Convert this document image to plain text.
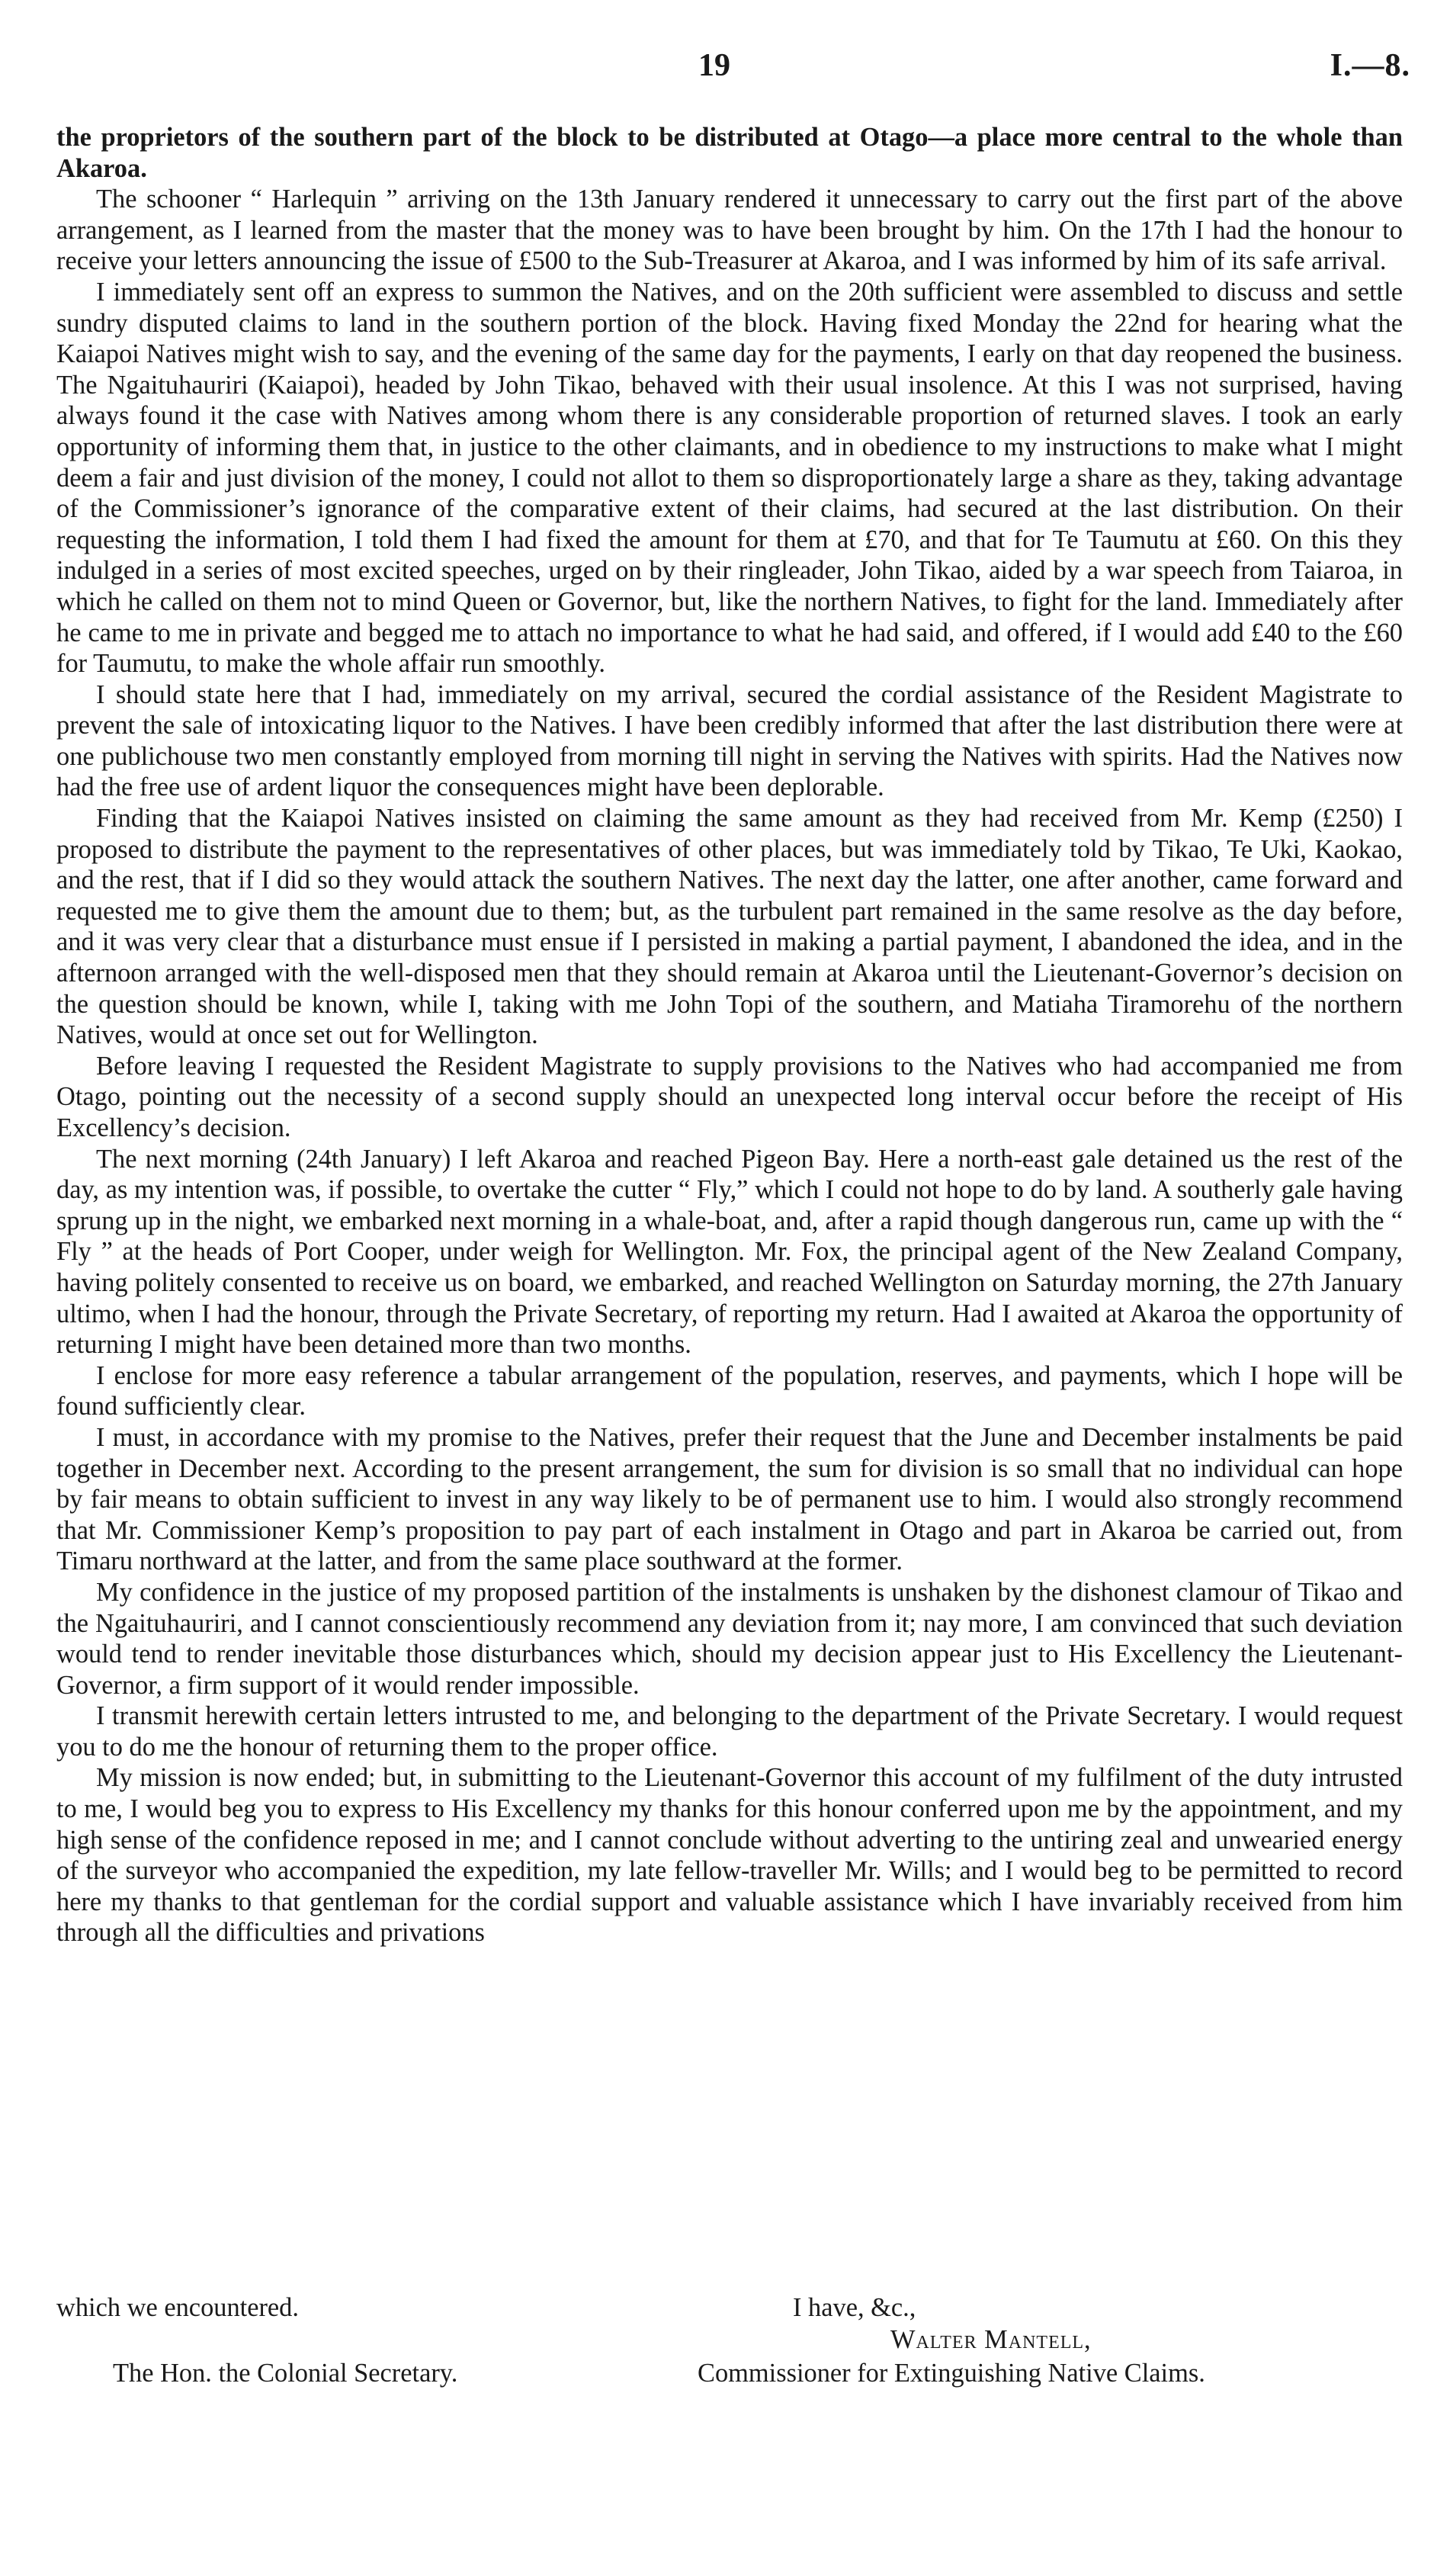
19	I.—8.

the proprietors of the southern part of the block to be distributed at Otago—a place more central to the whole than Akaroa.

The schooner “ Harlequin ” arriving on the 13th January rendered it unnecessary to carry out the first part of the above arrangement, as I learned from the master that the money was to have been brought by him. On the 17th I had the honour to receive your letters announcing the issue of £500 to the Sub-Treasurer at Akaroa, and I was informed by him of its safe arrival.

I immediately sent off an express to summon the Natives, and on the 20th sufficient were assembled to discuss and settle sundry disputed claims to land in the southern portion of the block. Having fixed Monday the 22nd for hearing what the Kaiapoi Natives might wish to say, and the evening of the same day for the payments, I early on that day reopened the business. The Ngaituhauriri (Kaiapoi), headed by John Tikao, behaved with their usual insolence. At this I was not surprised, having always found it the case with Natives among whom there is any considerable proportion of returned slaves. I took an early opportunity of informing them that, in justice to the other claimants, and in obedience to my instructions to make what I might deem a fair and just division of the money, I could not allot to them so disproportionately large a share as they, taking advantage of the Commissioner’s ignorance of the comparative extent of their claims, had secured at the last distribution. On their requesting the information, I told them I had fixed the amount for them at £70, and that for Te Taumutu at £60. On this they indulged in a series of most excited speeches, urged on by their ringleader, John Tikao, aided by a war speech from Taiaroa, in which he called on them not to mind Queen or Governor, but, like the northern Natives, to fight for the land. Immediately after he came to me in private and begged me to attach no importance to what he had said, and offered, if I would add £40 to the £60 for Taumutu, to make the whole affair run smoothly.

I should state here that I had, immediately on my arrival, secured the cordial assistance of the Resident Magistrate to prevent the sale of intoxicating liquor to the Natives. I have been credibly informed that after the last distribution there were at one publichouse two men constantly employed from morning till night in serving the Natives with spirits. Had the Natives now had the free use of ardent liquor the consequences might have been deplorable.

Finding that the Kaiapoi Natives insisted on claiming the same amount as they had received from Mr. Kemp (£250) I proposed to distribute the payment to the representatives of other places, but was immediately told by Tikao, Te Uki, Kaokao, and the rest, that if I did so they would attack the southern Natives. The next day the latter, one after another, came forward and requested me to give them the amount due to them; but, as the turbulent part remained in the same resolve as the day before, and it was very clear that a disturbance must ensue if I persisted in making a partial payment, I abandoned the idea, and in the afternoon arranged with the well-disposed men that they should remain at Akaroa until the Lieutenant-Governor’s decision on the question should be known, while I, taking with me John Topi of the southern, and Matiaha Tiramorehu of the northern Natives, would at once set out for Wellington.

Before leaving I requested the Resident Magistrate to supply provisions to the Natives who had accompanied me from Otago, pointing out the necessity of a second supply should an unexpected long interval occur before the receipt of His Excellency’s decision.

The next morning (24th January) I left Akaroa and reached Pigeon Bay. Here a north-east gale detained us the rest of the day, as my intention was, if possible, to overtake the cutter “ Fly,” which I could not hope to do by land. A southerly gale having sprung up in the night, we embarked next morning in a whale-boat, and, after a rapid though dangerous run, came up with the “ Fly ” at the heads of Port Cooper, under weigh for Wellington. Mr. Fox, the principal agent of the New Zealand Company, having politely consented to receive us on board, we embarked, and reached Wellington on Saturday morning, the 27th January ultimo, when I had the honour, through the Private Secretary, of reporting my return. Had I awaited at Akaroa the opportunity of returning I might have been detained more than two months.

I enclose for more easy reference a tabular arrangement of the population, reserves, and payments, which I hope will be found sufficiently clear.

I must, in accordance with my promise to the Natives, prefer their request that the June and December instalments be paid together in December next. According to the present arrangement, the sum for division is so small that no individual can hope by fair means to obtain sufficient to invest in any way likely to be of permanent use to him. I would also strongly recommend that Mr. Commissioner Kemp’s proposition to pay part of each instalment in Otago and part in Akaroa be carried out, from Timaru northward at the latter, and from the same place southward at the former.

My confidence in the justice of my proposed partition of the instalments is unshaken by the dishonest clamour of Tikao and the Ngaituhauriri, and I cannot conscientiously recommend any deviation from it; nay more, I am convinced that such deviation would tend to render inevitable those disturbances which, should my decision appear just to His Excellency the Lieutenant-Governor, a firm support of it would render impossible.

I transmit herewith certain letters intrusted to me, and belonging to the department of the Private Secretary. I would request you to do me the honour of returning them to the proper office.

My mission is now ended; but, in submitting to the Lieutenant-Governor this account of my fulfilment of the duty intrusted to me, I would beg you to express to His Excellency my thanks for this honour conferred upon me by the appointment, and my high sense of the confidence reposed in me; and I cannot conclude without adverting to the untiring zeal and unwearied energy of the surveyor who accompanied the expedition, my late fellow-traveller Mr. Wills; and I would beg to be permitted to record here my thanks to that gentleman for the cordial support and valuable assistance which I have invariably received from him through all the difficulties and privations

which we encountered.	I have, &c.,
Walter Mantell,
The Hon. the Colonial Secretary.	Commissioner for Extinguishing Native Claims.
